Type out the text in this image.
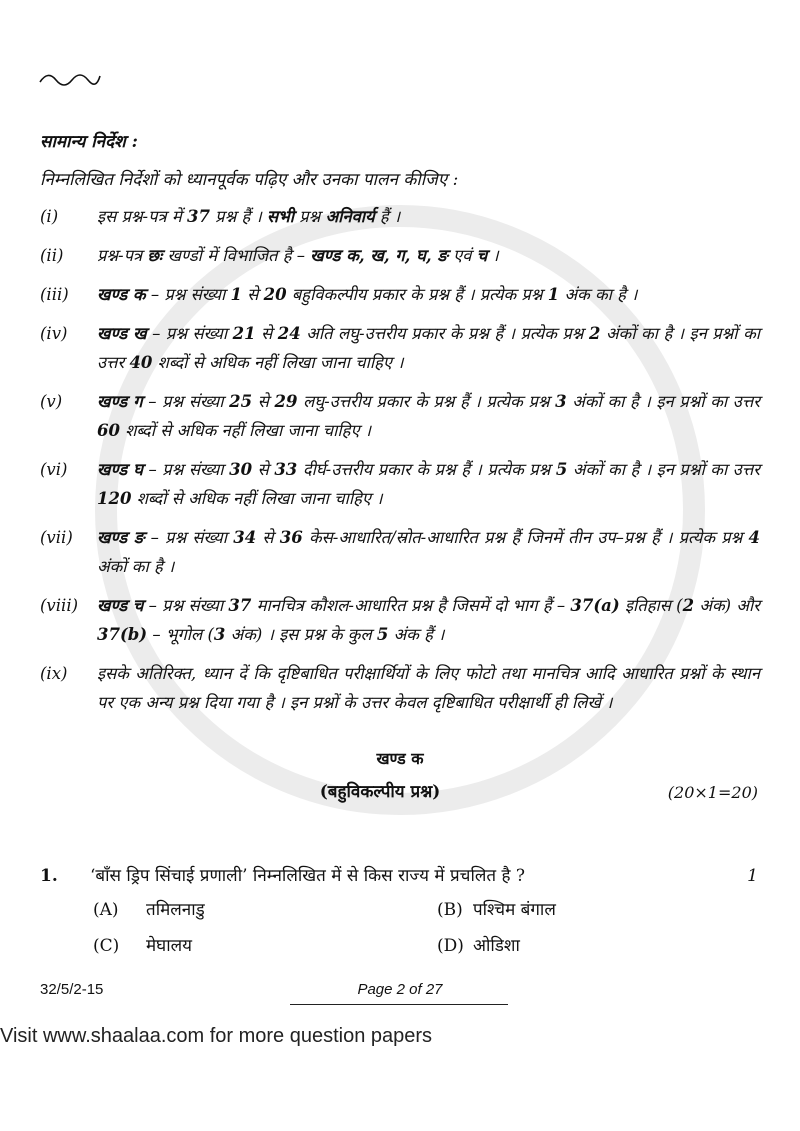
सामान्य निर्देश :
निम्नलिखित निर्देशों को ध्यानपूर्वक पढ़िए और उनका पालन कीजिए :
(i)	इस प्रश्न-पत्र में 37 प्रश्न हैं । सभी प्रश्न अनिवार्य हैं ।
(ii)	प्रश्न-पत्र छः खण्डों में विभाजित है – खण्ड क, ख, ग, घ, ङ एवं च ।
(iii)	खण्ड क – प्रश्न संख्या 1 से 20 बहुविकल्पीय प्रकार के प्रश्न हैं । प्रत्येक प्रश्न 1 अंक का है ।
(iv)	खण्ड ख – प्रश्न संख्या 21 से 24 अति लघु-उत्तरीय प्रकार के प्रश्न हैं । प्रत्येक प्रश्न 2 अंकों का है । इन प्रश्नों का उत्तर 40 शब्दों से अधिक नहीं लिखा जाना चाहिए ।
(v)	खण्ड ग – प्रश्न संख्या 25 से 29 लघु-उत्तरीय प्रकार के प्रश्न हैं । प्रत्येक प्रश्न 3 अंकों का है । इन प्रश्नों का उत्तर 60 शब्दों से अधिक नहीं लिखा जाना चाहिए ।
(vi)	खण्ड घ – प्रश्न संख्या 30 से 33 दीर्घ-उत्तरीय प्रकार के प्रश्न हैं । प्रत्येक प्रश्न 5 अंकों का है । इन प्रश्नों का उत्तर 120 शब्दों से अधिक नहीं लिखा जाना चाहिए ।
(vii)	खण्ड ङ – प्रश्न संख्या 34 से 36 केस-आधारित/स्रोत-आधारित प्रश्न हैं जिनमें तीन उप–प्रश्न हैं । प्रत्येक प्रश्न 4 अंकों का है ।
(viii)	खण्ड च – प्रश्न संख्या 37 मानचित्र कौशल-आधारित प्रश्न है जिसमें दो भाग हैं – 37(a) इतिहास (2 अंक) और 37(b) – भूगोल (3 अंक) । इस प्रश्न के कुल 5 अंक हैं ।
(ix)	इसके अतिरिक्त, ध्यान दें कि दृष्टिबाधित परीक्षार्थियों के लिए फोटो तथा मानचित्र आदि आधारित प्रश्नों के स्थान पर एक अन्य प्रश्न दिया गया है । इन प्रश्नों के उत्तर केवल दृष्टिबाधित परीक्षार्थी ही लिखें ।
खण्ड क
(बहुविकल्पीय प्रश्न)	(20×1=20)
1.	‘बाँस ड्रिप सिंचाई प्रणाली’ निम्नलिखित में से किस राज्य में प्रचलित है ?	1
(A)	तमिलनाडु	(B) पश्चिम बंगाल
(C)	मेघालय	(D) ओडिशा
32/5/2-15	Page 2 of 27
Visit www.shaalaa.com for more question papers
